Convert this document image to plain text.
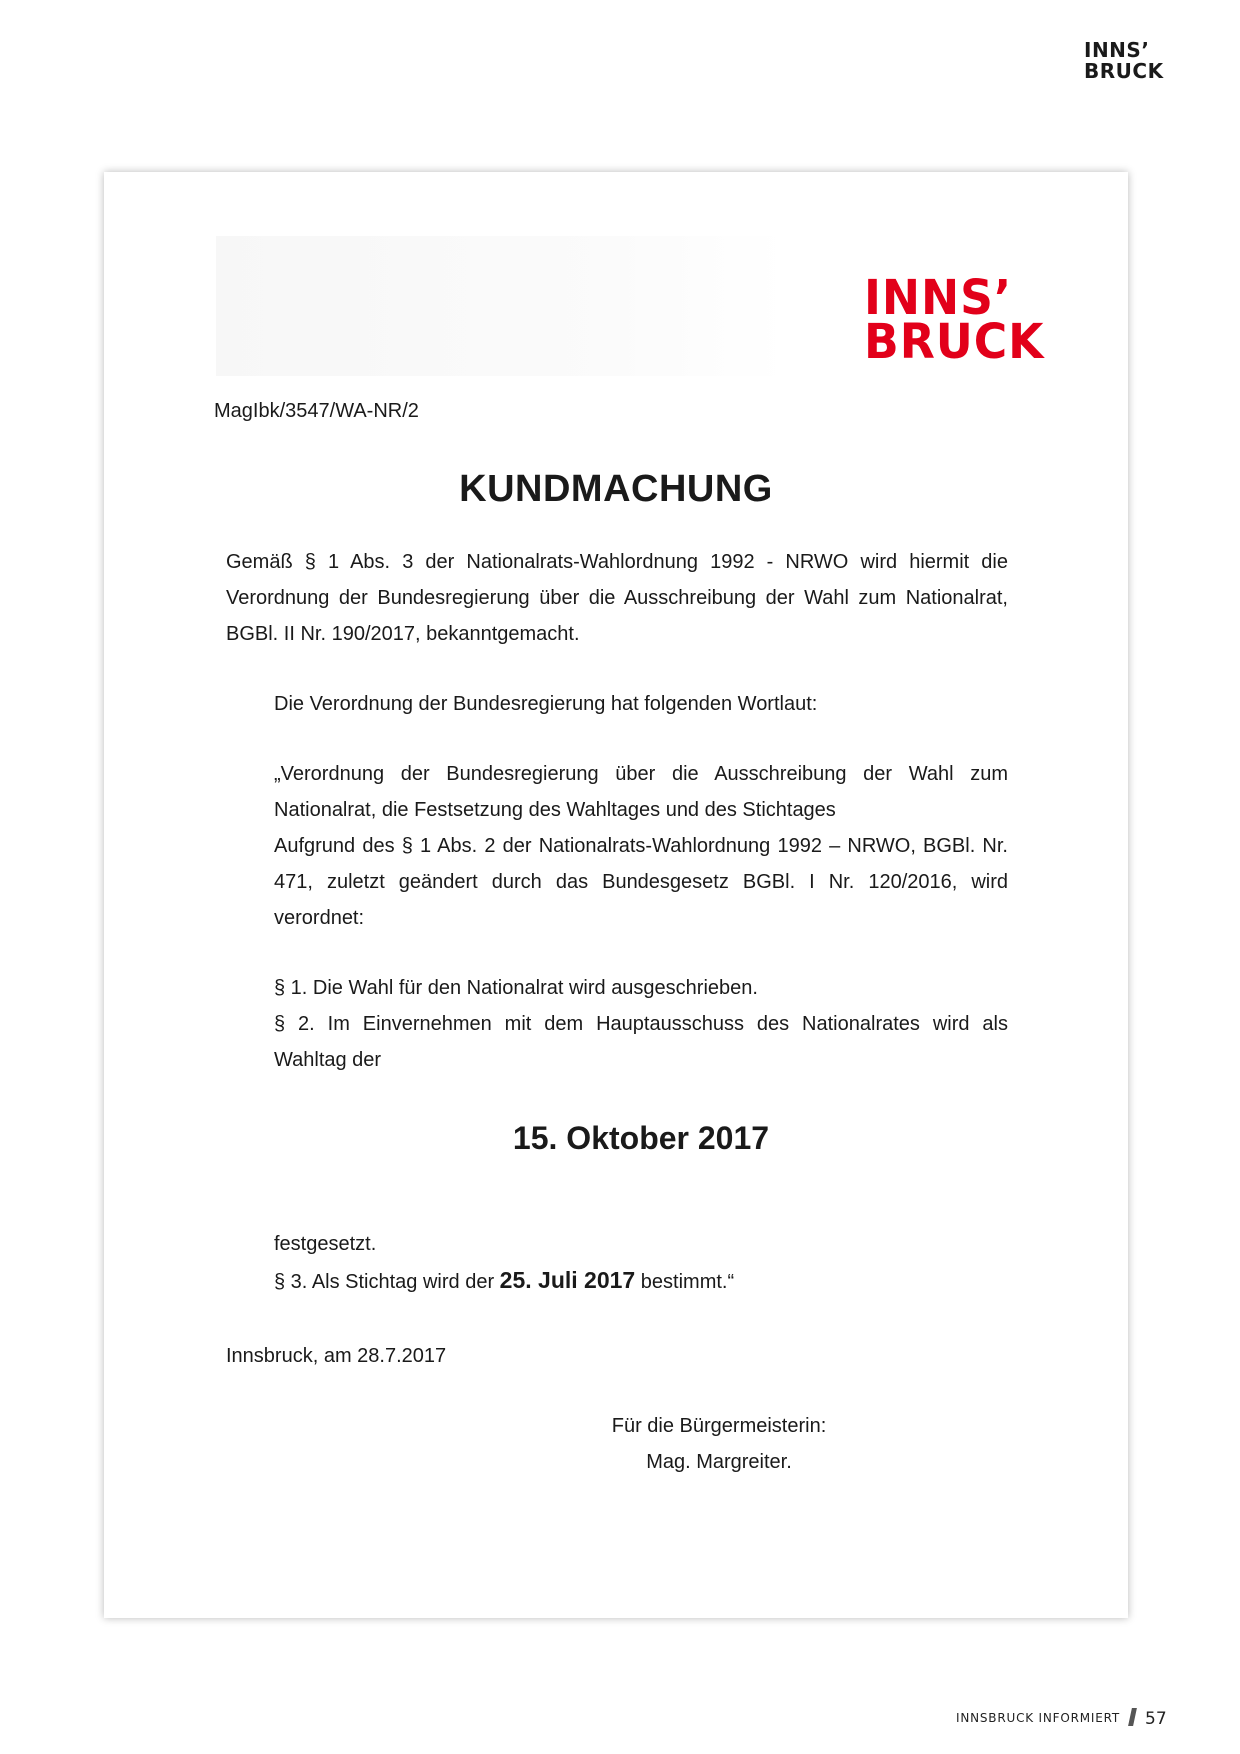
INNS’
BRUCK
INNS’
BRUCK
MagIbk/3547/WA-NR/2
KUNDMACHUNG
Gemäß § 1 Abs. 3 der Nationalrats-Wahlordnung 1992 - NRWO wird hiermit die Verordnung der Bundesregierung über die Ausschreibung der Wahl zum Nationalrat, BGBl. II Nr. 190/2017, bekanntgemacht.
Die Verordnung der Bundesregierung hat folgenden Wortlaut:
„Verordnung der Bundesregierung über die Ausschreibung der Wahl zum Nationalrat, die Festsetzung des Wahltages und des Stichtages
Aufgrund des § 1 Abs. 2 der Nationalrats-Wahlordnung 1992 – NRWO, BGBl. Nr. 471, zuletzt geändert durch das Bundesgesetz BGBl. I Nr. 120/2016, wird verordnet:
§ 1. Die Wahl für den Nationalrat wird ausgeschrieben.
§ 2. Im Einvernehmen mit dem Hauptausschuss des Nationalrates wird als Wahltag der
15. Oktober 2017
festgesetzt.
§ 3. Als Stichtag wird der 25. Juli 2017 bestimmt.“
Innsbruck, am 28.7.2017
Für die Bürgermeisterin:
Mag. Margreiter.
INNSBRUCK INFORMIERT 57
